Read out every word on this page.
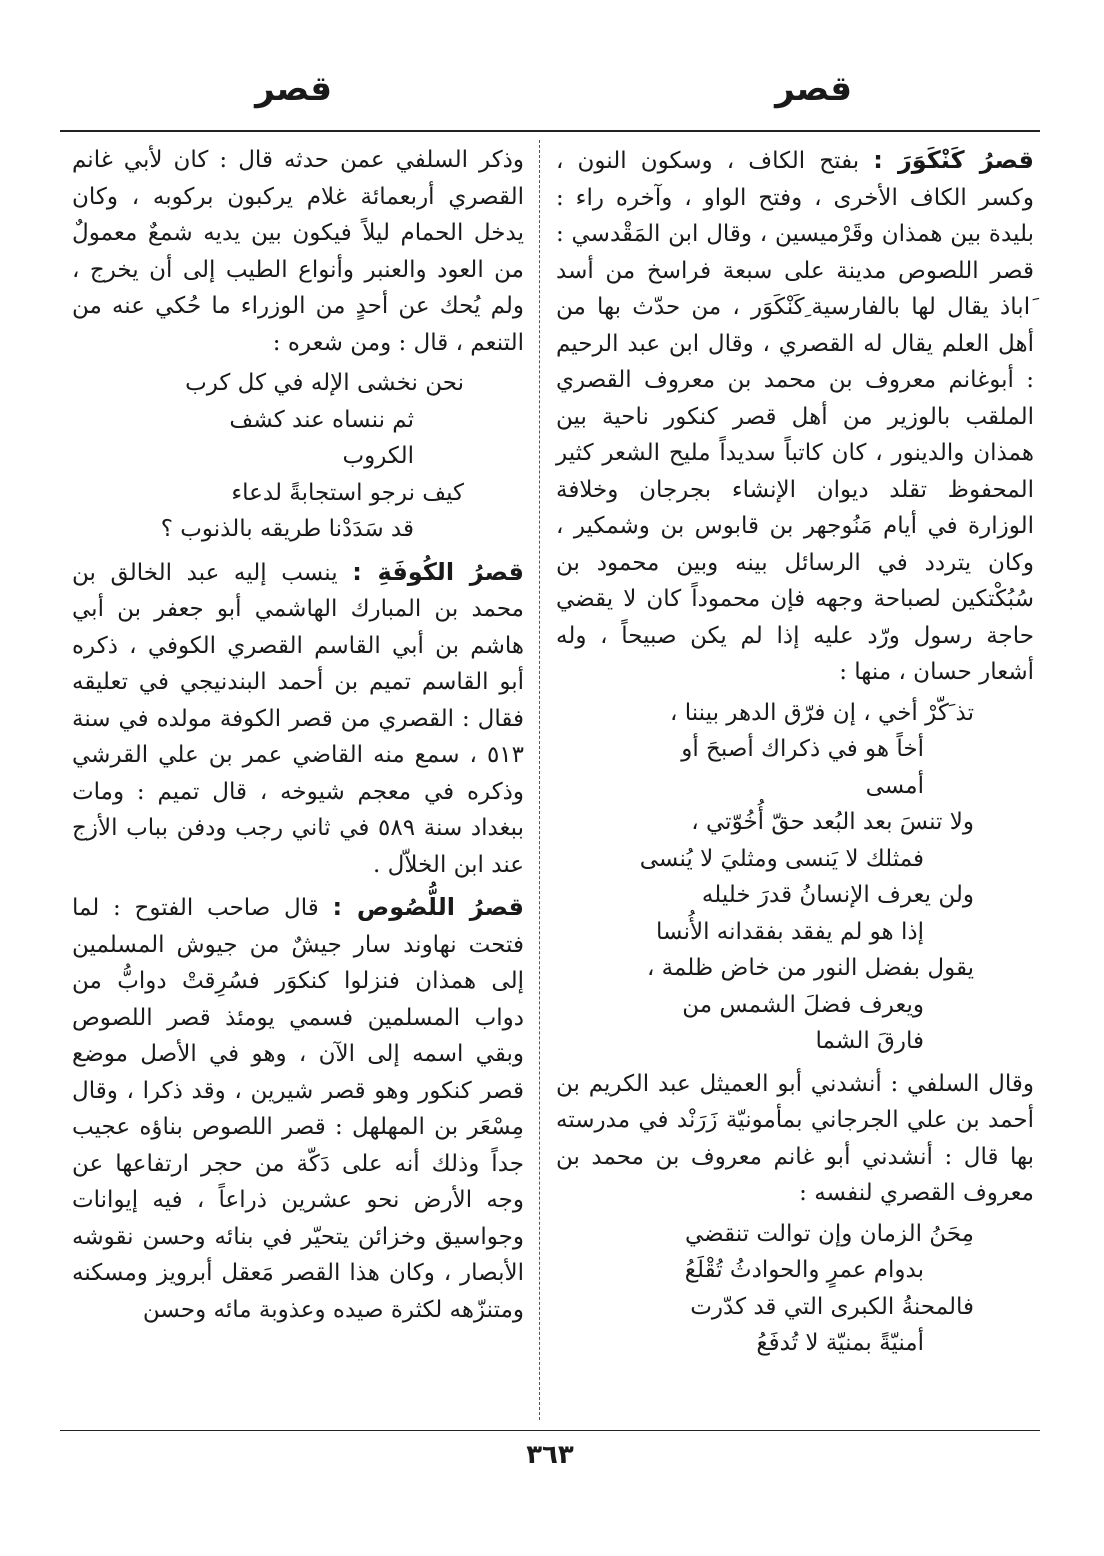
قصر
قصر

قصرُ كَنْكَوَرَ : بفتح الكاف ، وسكون النون ، وكسر الكاف الأخرى ، وفتح الواو ، وآخره راء : بليدة بين همذان وقَرْميسين ، وقال ابن المَقْدسي : قصر اللصوص مدينة على سبعة فراسخ من أسد َاباذ يقال لها بالفارسية ِكَنْكَوَر ، من حدّث بها من أهل العلم يقال له القصري ، وقال ابن عبد الرحيم : أبوغانم معروف بن محمد بن معروف القصري الملقب بالوزير من أهل قصر كنكور ناحية بين همذان والدينور ، كان كاتباً سديداً مليح الشعر كثير المحفوظ تقلد ديوان الإنشاء بجرجان وخلافة الوزارة في أيام مَنُوجهر بن قابوس بن وشمكير ، وكان يتردد في الرسائل بينه وبين محمود بن سُبُكْتكين لصباحة وجهه فإن محموداً كان لا يقضي حاجة رسول ورّد عليه إذا لم يكن صبيحاً ، وله أشعار حسان ، منها :

تذ َكّرْ أخي ، إن فرّق الدهر بيننا ،

أخاً هو في ذكراك أصبحَ أو أمسى

ولا تنسَ بعد البُعد حقّ أُخُوّتي ،

فمثلك لا يَنسى ومثليَ لا يُنسى

ولن يعرف الإنسانُ قدرَ خليله

إذا هو لم يفقد بفقدانه الأُنسا

يقول بفضل النور من خاض ظلمة ،

ويعرف فضلَ الشمس من فارقَ الشما

وقال السلفي : أنشدني أبو العميثل عبد الكريم بن أحمد بن علي الجرجاني بمأمونيّة زَرَنْد في مدرسته بها قال : أنشدني أبو غانم معروف بن محمد بن معروف القصري لنفسه :

مِحَنُ الزمان وإن توالت تنقضي

بدوام عمرٍ والحوادثُ تُقْلَعُ

فالمحنةُ الكبرى التي قد كدّرت

أمنيّةً بمنيّة لا تُدفَعُ

وذكر السلفي عمن حدثه قال : كان لأبي غانم القصري أربعمائة غلام يركبون بركوبه ، وكان يدخل الحمام ليلاً فيكون بين يديه شمعٌ معمولٌ من العود والعنبر وأنواع الطيب إلى أن يخرج ، ولم يُحك عن أحدٍ من الوزراء ما حُكي عنه من التنعم ، قال : ومن شعره :

نحن نخشى الإله في كل كرب

ثم ننساه عند كشف الكروب

كيف نرجو استجابةً لدعاء

قد سَدَدْنا طريقه بالذنوب ؟

قصرُ الكُوفَةِ : ينسب إليه عبد الخالق بن محمد بن المبارك الهاشمي أبو جعفر بن أبي هاشم بن أبي القاسم القصري الكوفي ، ذكره أبو القاسم تميم بن أحمد البندنيجي في تعليقه فقال : القصري من قصر الكوفة مولده في سنة ٥١٣ ، سمع منه القاضي عمر بن علي القرشي وذكره في معجم شيوخه ، قال تميم : ومات ببغداد سنة ٥٨٩ في ثاني رجب ودفن بباب الأزج عند ابن الخلاّل .

قصرُ اللُّصُوص : قال صاحب الفتوح : لما فتحت نهاوند سار جيشٌ من جيوش المسلمين إلى همذان فنزلوا كنكوَر فسُرِقتْ دوابُّ من دواب المسلمين فسمي يومئذ قصر اللصوص وبقي اسمه إلى الآن ، وهو في الأصل موضع قصر كنكور وهو قصر شيرين ، وقد ذكرا ، وقال مِسْعَر بن المهلهل : قصر اللصوص بناؤه عجيب جداً وذلك أنه على دَكّة من حجر ارتفاعها عن وجه الأرض نحو عشرين ذراعاً ، فيه إيوانات وجواسيق وخزائن يتحيّر في بنائه وحسن نقوشه الأبصار ، وكان هذا القصر مَعقل أبرويز ومسكنه ومتنزّهه لكثرة صيده وعذوبة مائه وحسن

٣٦٣
